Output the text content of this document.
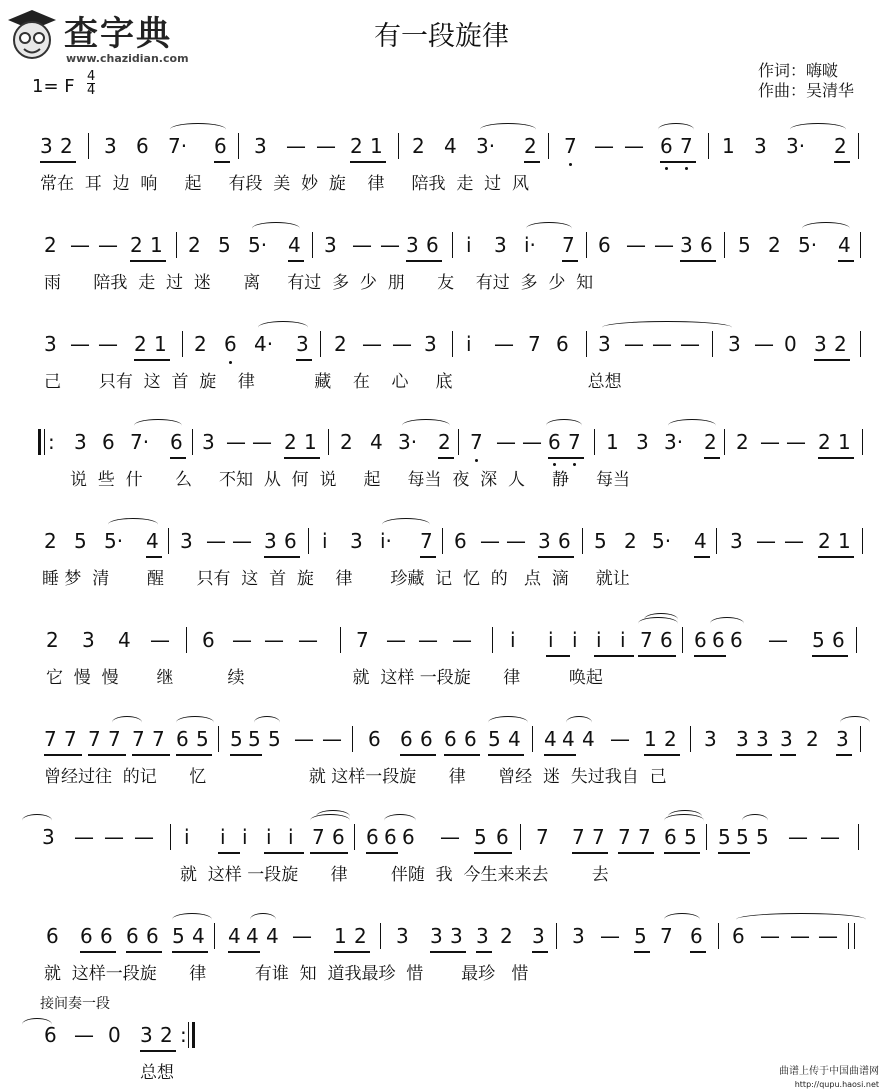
查字典
www.chazidian.com
有一段旋律
作词：嗨啵
作曲：吴清华
1= F 4
4
3 2 3 6 7· 6 3 — — 2 1 2 4 3· 2 7 — — 6 7 1 3 3· 2
常在  耳  边  响     起     有段  美  妙  旋    律     陪我  走  过  风
2 — — 2 1 2 5 5· 4 3 — — 3 6 i 3 i· 7 6 — — 3 6 5 2 5· 4
雨      陪我  走  过  迷      离     有过  多  少  朋      友    有过  多  少  知
3 — — 2 1 2 6 4· 3 2 — — 3 i — 7 6 3 — — — 3 — 0 3 2
己       只有  这  首  旋    律           藏    在    心     底                         总想
: 3 6 7· 6 3 — — 2 1 2 4 3· 2 7 — — 6 7 1 3 3· 2 2 — — 2 1
说  些  什      么     不知  从  何  说     起     每当  夜  深  人     静     每当
2 5 5· 4 3 — — 3 6 i 3 i· 7 6 — — 3 6 5 2 5· 4 3 — — 2 1
睡 梦  清       醒      只有  这  首  旋    律       珍藏  记  忆  的   点  滴     就让
2 3 4 — 6 — — — 7 — — — i i i i i 7 6 6 6 6 — 5 6
它  慢  慢       继          续                    就  这样 一段旋      律         唤起
7 7 7 7 7 7 6 5 5 5 5 — — 6 6 6 6 6 5 4 4 4 4 — 1 2 3 3 3 3 2 3
曾经过往  的记      忆                   就 这样一段旋      律      曾经  迷  失过我自  己
3 — — — i i i i i 7 6 6 6 6 — 5 6 7 7 7 7 7 6 5 5 5 5 — —
就  这样 一段旋      律        伴随  我  今生来来去        去
6 6 6 6 6 5 4 4 4 4 — 1 2 3 3 3 3 2 3 3 — 5 7 6 6 — — —
就  这样一段旋      律         有谁  知  道我最珍  惜       最珍   惜
接间奏一段
6 — 0 3 2 :
总想	曲谱上传于中国曲谱网
http://qupu.haosi.net
